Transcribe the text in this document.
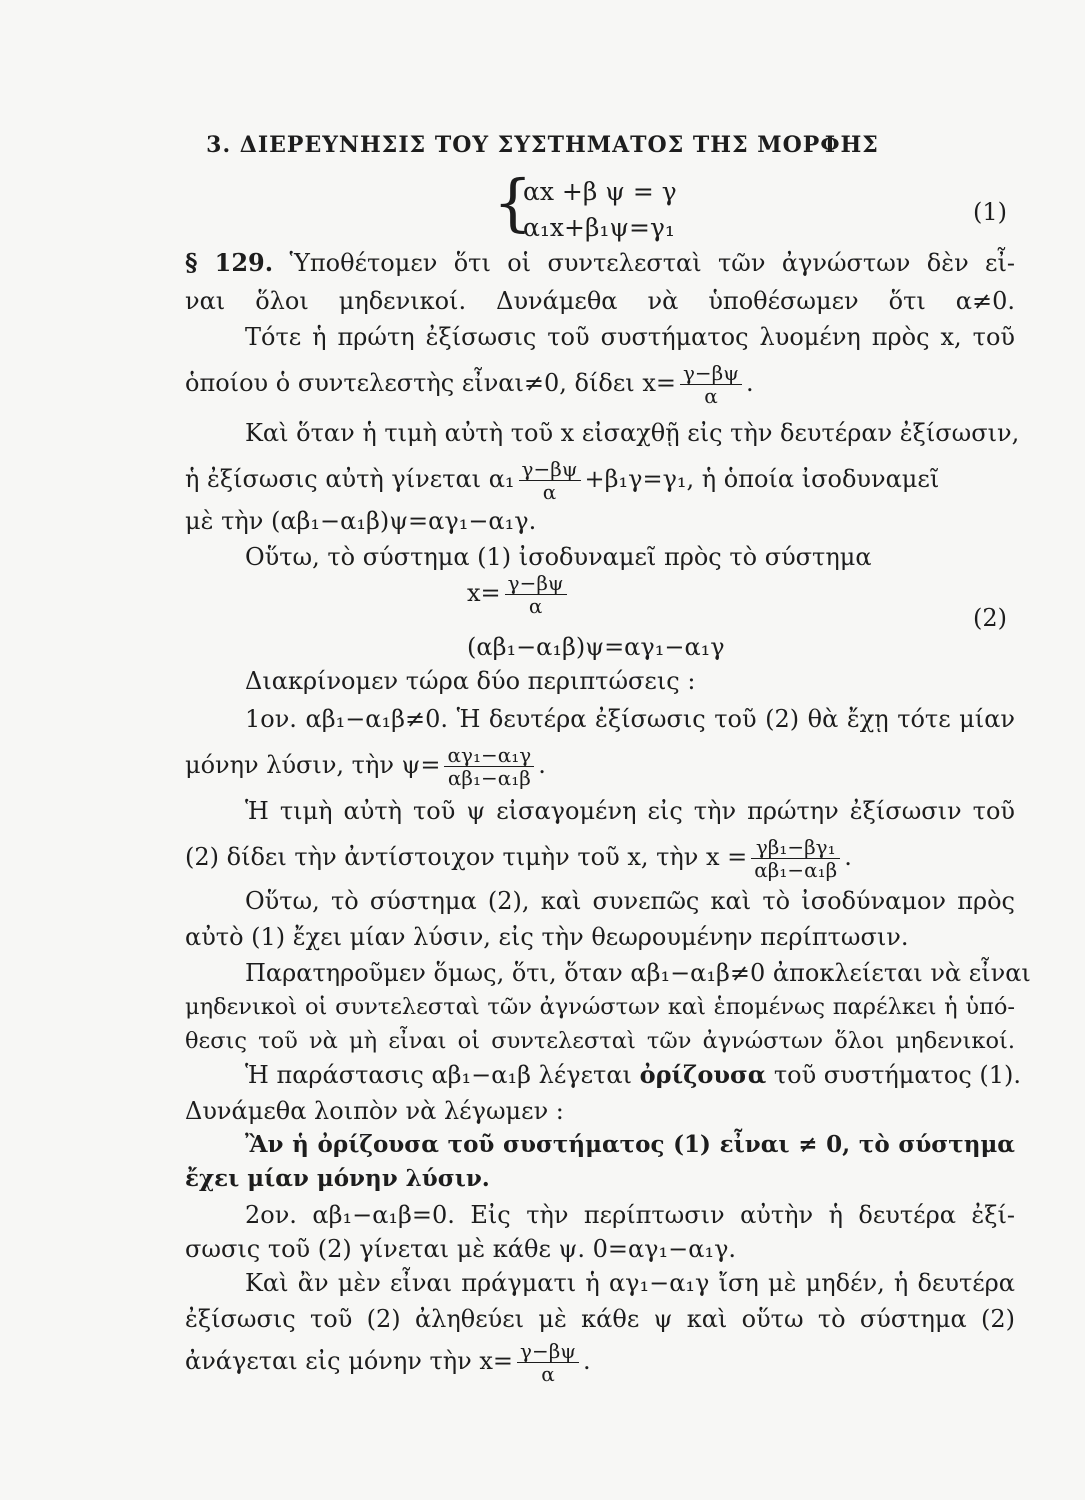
3. ΔΙΕΡΕΥΝΗΣΙΣ ΤΟΥ ΣΥΣΤΗΜΑΤΟΣ ΤΗΣ ΜΟΡΦΗΣ
{
αx +β ψ = γ
α₁x+β₁ψ=γ₁
(1)
§ 129. Ὑποθέτομεν ὅτι οἱ συντελεσταὶ τῶν ἀγνώστων δὲν εἶ-
ναι ὅλοι μηδενικοί. Δυνάμεθα νὰ ὑποθέσωμεν ὅτι α≠0.
Τότε ἡ πρώτη ἐξίσωσις τοῦ συστήματος λυομένη πρὸς x, τοῦ
ὁποίου ὁ συντελεστὴς εἶναι≠0, δίδει $x= \frac{\gamma-\beta\psi}{\alpha}$ .
Καὶ ὅταν ἡ τιμὴ αὐτὴ τοῦ x εἰσαχθῇ εἰς τὴν δευτέραν ἐξίσωσιν,
ἡ ἐξίσωσις αὐτὴ γίνεται $\alpha_1 \frac{\gamma-\beta\psi}{\alpha} +\beta_1\gamma=\gamma_1$, ἡ ὁποία ἰσοδυναμεῖ
μὲ τὴν (αβ₁−α₁β)ψ=αγ₁−α₁γ.
Οὕτω, τὸ σύστημα (1) ἰσοδυναμεῖ πρὸς τὸ σύστημα
$x= \frac{\gamma-\beta\psi}{\alpha}$
(2)
(αβ₁−α₁β)ψ=αγ₁−α₁γ
Διακρίνομεν τώρα δύο περιπτώσεις :
1ον. αβ₁−α₁β≠0. Ἡ δευτέρα ἐξίσωσις τοῦ (2) θὰ ἔχῃ τότε μίαν
μόνην λύσιν, τὴν $\psi= \frac{\text{αγ₁−α₁γ}}{\text{αβ₁−α₁β}}$ .
Ἡ τιμὴ αὐτὴ τοῦ ψ εἰσαγομένη εἰς τὴν πρώτην ἐξίσωσιν τοῦ
(2) δίδει τὴν ἀντίστοιχον τιμὴν τοῦ x, τὴν $x = \frac{\text{γβ₁−βγ₁}}{\text{αβ₁−α₁β}}$ .
Οὕτω, τὸ σύστημα (2), καὶ συνεπῶς καὶ τὸ ἰσοδύναμον πρὸς
αὐτὸ (1) ἔχει μίαν λύσιν, εἰς τὴν θεωρουμένην περίπτωσιν.
Παρατηροῦμεν ὅμως, ὅτι, ὅταν αβ₁−α₁β≠0 ἀποκλείεται νὰ εἶναι
μηδενικοὶ οἱ συντελεσταὶ τῶν ἀγνώστων καὶ ἑπομένως παρέλκει ἡ ὑπό-
θεσις τοῦ νὰ μὴ εἶναι οἱ συντελεσταὶ τῶν ἀγνώστων ὅλοι μηδενικοί.
Ἡ παράστασις αβ₁−α₁β λέγεται ὀρίζουσα τοῦ συστήματος (1).
Δυνάμεθα λοιπὸν νὰ λέγωμεν :
Ἂν ἡ ὀρίζουσα τοῦ συστήματος (1) εἶναι ≠ 0, τὸ σύστημα
ἔχει μίαν μόνην λύσιν.
2ον. αβ₁−α₁β=0. Εἰς τὴν περίπτωσιν αὐτὴν ἡ δευτέρα ἐξί-
σωσις τοῦ (2) γίνεται μὲ κάθε ψ. 0=αγ₁−α₁γ.
Καὶ ἂν μὲν εἶναι πράγματι ἡ αγ₁−α₁γ ἴση μὲ μηδέν, ἡ δευτέρα
ἐξίσωσις τοῦ (2) ἀληθεύει μὲ κάθε ψ καὶ οὕτω τὸ σύστημα (2)
ἀνάγεται εἰς μόνην τὴν $x= \frac{\gamma-\beta\psi}{\alpha}$ .
